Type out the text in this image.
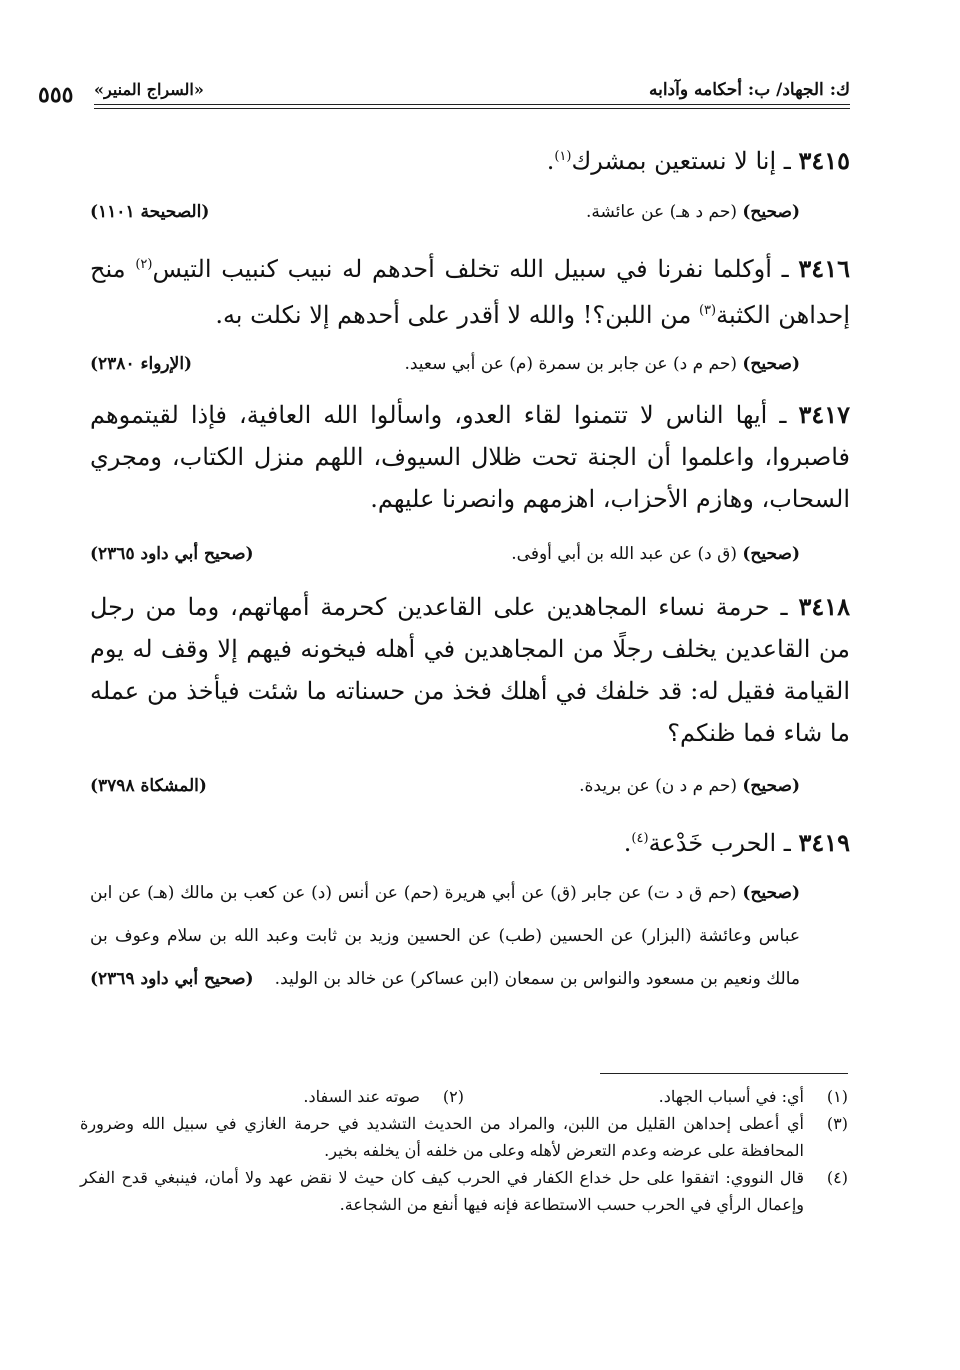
ك: الجهاد/ ب: أحكامه وآدابه
«السراج المنير»
٥٥٥
٣٤١٥ ـ إنا لا نستعين بمشرك$^{(١)}$.
(صحيح) (حم د هـ) عن عائشة.
(الصحيحة ١١٠١)
٣٤١٦ ـ أوكلما نفرنا في سبيل الله تخلف أحدهم له نبيب كنبيب التيس$^{(٢)}$ منح إحداهن الكثبة$^{(٣)}$ من اللبن؟! والله لا أقدر على أحدهم إلا نكلت به.
(صحيح) (حم م د) عن جابر بن سمرة (م) عن أبي سعيد.
(الإرواء ٢٣٨٠)
٣٤١٧ ـ أيها الناس لا تتمنوا لقاء العدو، واسألوا الله العافية، فإذا لقيتموهم فاصبروا، واعلموا أن الجنة تحت ظلال السيوف، اللهم منزل الكتاب، ومجري السحاب، وهازم الأحزاب، اهزمهم وانصرنا عليهم.
(صحيح) (ق د) عن عبد الله بن أبي أوفى.
(صحيح أبي داود ٢٣٦٥)
٣٤١٨ ـ حرمة نساء المجاهدين على القاعدين كحرمة أمهاتهم، وما من رجل من القاعدين يخلف رجلًا من المجاهدين في أهله فيخونه فيهم إلا وقف له يوم القيامة فقيل له: قد خلفك في أهلك فخذ من حسناته ما شئت فيأخذ من عمله ما شاء فما ظنكم؟
(صحيح) (حم م د ن) عن بريدة.
(المشكاة ٣٧٩٨)
٣٤١٩ ـ الحرب خَدْعة$^{(٤)}$.
(صحيح) (حم ق د ت) عن جابر (ق) عن أبي هريرة (حم) عن أنس (د) عن كعب بن مالك (هـ) عن ابن عباس وعائشة (البزار) عن الحسين (طب) عن الحسين وزيد بن ثابت وعبد الله بن سلام وعوف بن مالك ونعيم بن مسعود والنواس بن سمعان (ابن عساكر) عن خالد بن الوليد.
(صحيح أبي داود ٢٣٦٩)
(١)
أي: في أسباب الجهاد.
(٢)
صوته عند السفاد.
(٣)
أي أعطى إحداهن القليل من اللبن، والمراد من الحديث التشديد في حرمة الغازي في سبيل الله وضرورة المحافظة على عرضه وعدم التعرض لأهله وعلى من خلفه أن يخلفه بخير.
(٤)
قال النووي: اتفقوا على حل خداع الكفار في الحرب كيف كان حيث لا نقض عهد ولا أمان، فينبغي قدح الفكر وإعمال الرأي في الحرب حسب الاستطاعة فإنه فيها أنفع من الشجاعة.
